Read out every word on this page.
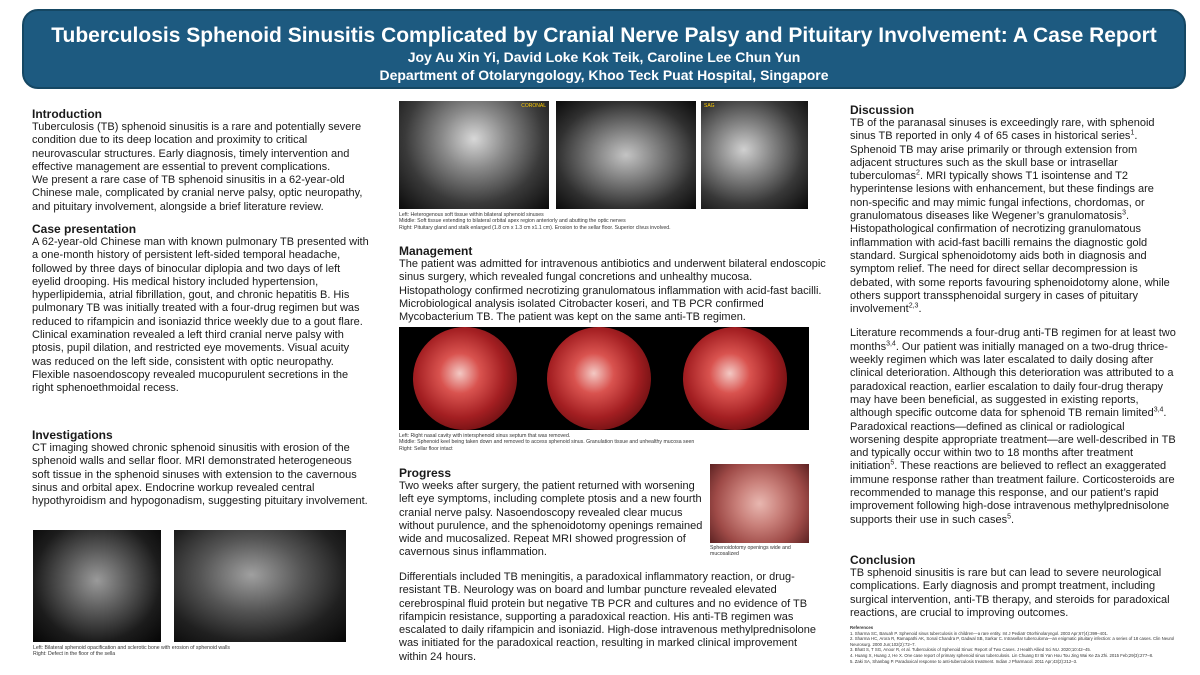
Tuberculosis Sphenoid Sinusitis Complicated by Cranial Nerve Palsy and Pituitary Involvement: A Case Report
Joy Au Xin Yi, David Loke Kok Teik, Caroline Lee Chun Yun
Department of Otolaryngology, Khoo Teck Puat Hospital, Singapore
Introduction

Tuberculosis (TB) sphenoid sinusitis is a rare and potentially severe condition due to its deep location and proximity to critical neurovascular structures. Early diagnosis, timely intervention and effective management are essential to prevent complications.

We present a rare case of TB sphenoid sinusitis in a 62-year-old Chinese male, complicated by cranial nerve palsy, optic neuropathy, and pituitary involvement, alongside a brief literature review.

Case presentation

A 62-year-old Chinese man with known pulmonary TB presented with a one-month history of persistent left-sided temporal headache, followed by three days of binocular diplopia and two days of left eyelid drooping. His medical history included hypertension, hyperlipidemia, atrial fibrillation, gout, and chronic hepatitis B. His pulmonary TB was initially treated with a four-drug regimen but was reduced to rifampicin and isoniazid thrice weekly due to a gout flare.

Clinical examination revealed a left third cranial nerve palsy with ptosis, pupil dilation, and restricted eye movements. Visual acuity was reduced on the left side, consistent with optic neuropathy. Flexible nasoendoscopy revealed mucopurulent secretions in the right sphenoethmoidal recess.

Investigations

CT imaging showed chronic sphenoid sinusitis with erosion of the sphenoid walls and sellar floor. MRI demonstrated heterogeneous soft tissue in the sphenoid sinuses with extension to the cavernous sinus and orbital apex. Endocrine workup revealed central hypothyroidism and hypogonadism, suggesting pituitary involvement.

Left: Bilateral sphenoid opacification and sclerotic bone with erosion of sphenoid walls

Right: Defect in the floor of the sella

CORONAL	SAG

Left: Heterogenous soft tissue within bilateral sphenoid sinuses

Middle: Soft tissue extending to bilateral orbital apex region anteriorly and abutting the optic nerves

Right: Pituitary gland and stalk enlarged (1.8 cm x 1.3 cm x1.1 cm). Erosion to the sellar floor. Superior clivus involved.

Management

The patient was admitted for intravenous antibiotics and underwent bilateral endoscopic sinus surgery, which revealed fungal concretions and unhealthy mucosa. Histopathology confirmed necrotizing granulomatous inflammation with acid-fast bacilli. Microbiological analysis isolated Citrobacter koseri, and TB PCR confirmed Mycobacterium TB. The patient was kept on the same anti-TB regimen.

Left: Right nasal cavity with intersphenoid sinus septum that was removed.

Middle: Sphenoid keel being taken down and removed to access sphenoid sinus. Granulation tissue and unhealthy mucosa seen

Right: Sellar floor intact

Progress

Two weeks after surgery, the patient returned with worsening left eye symptoms, including complete ptosis and a new fourth cranial nerve palsy. Nasoendoscopy revealed clear mucus without purulence, and the sphenoidotomy openings remained wide and mucosalized. Repeat MRI showed progression of cavernous sinus inflammation.	Sphenoidotomy openings wide and mucosalized

Differentials included TB meningitis, a paradoxical inflammatory reaction, or drug-resistant TB. Neurology was on board and lumbar puncture revealed elevated cerebrospinal fluid protein but negative TB PCR and cultures and no evidence of TB rifampicin resistance, supporting a paradoxical reaction. His anti-TB regimen was escalated to daily rifampicin and isoniazid. High-dose intravenous methylprednisolone was initiated for the paradoxical reaction, resulting in marked clinical improvement within 24 hours.

Discussion

TB of the paranasal sinuses is exceedingly rare, with sphenoid sinus TB reported in only 4 of 65 cases in historical series$^1$. Sphenoid TB may arise primarily or through extension from adjacent structures such as the skull base or intrasellar tuberculomas$^2$. MRI typically shows T1 isointense and T2 hyperintense lesions with enhancement, but these findings are non-specific and may mimic fungal infections, chordomas, or granulomatous diseases like Wegener’s granulomatosis$^3$. Histopathological confirmation of necrotizing granulomatous inflammation with acid-fast bacilli remains the diagnostic gold standard. Surgical sphenoidotomy aids both in diagnosis and symptom relief. The need for direct sellar decompression is debated, with some reports favouring sphenoidotomy alone, while others support transsphenoidal surgery in cases of pituitary involvement$^{2,3}$.

Literature recommends a four-drug anti-TB regimen for at least two months$^{3,4}$. Our patient was initially managed on a two-drug thrice-weekly regimen which was later escalated to daily dosing after clinical deterioration. Although this deterioration was attributed to a paradoxical reaction, earlier escalation to daily four-drug therapy may have been beneficial, as suggested in existing reports, although specific outcome data for sphenoid TB remain limited$^{3,4}$.

Paradoxical reactions—defined as clinical or radiological worsening despite appropriate treatment—are well-described in TB and typically occur within two to 18 months after treatment initiation$^5$. These reactions are believed to reflect an exaggerated immune response rather than treatment failure. Corticosteroids are recommended to manage this response, and our patient’s rapid improvement following high-dose intravenous methylprednisolone supports their use in such cases$^5$.

Conclusion

TB sphenoid sinusitis is rare but can lead to severe neurological complications. Early diagnosis and prompt treatment, including surgical intervention, anti-TB therapy, and steroids for paradoxical reactions, are crucial to improving outcomes.

References
1. Sharma SC, Baruah P. Sphenoid sinus tuberculosis in children—a rare entity. Int J Pediatr Otorhinolaryngol. 2003 Apr;67(4):399–401.
2. Sharma HC, Arora R, Ramapathi AK, Sonal Chandra P, Gadwal SB, Sarkar C. Intrasellar tuberculoma—an enigmatic pituitary infection: a series of 18 cases. Clin Neurol Neurosurg. 2000 Jun;102(2):72–7.
3. Bhatt S, T SG, Anoor R, et al. Tuberculosis of Sphenoid Sinus: Report of Two Cases. J Health Allied Sci NU. 2020;10:42–45.
4. Huang X, Huang J, He X. One case report of primary sphenoid sinus tuberculosis. Lin Chuang Er Bi Yan Hou Tou Jing Wai Ke Za Zhi. 2015 Feb;29(3):277–8.
5. Zaki SA, Shanbag P. Paradoxical response to anti-tuberculosis treatment. Indian J Pharmacol. 2011 Apr;43(2):212–3.
